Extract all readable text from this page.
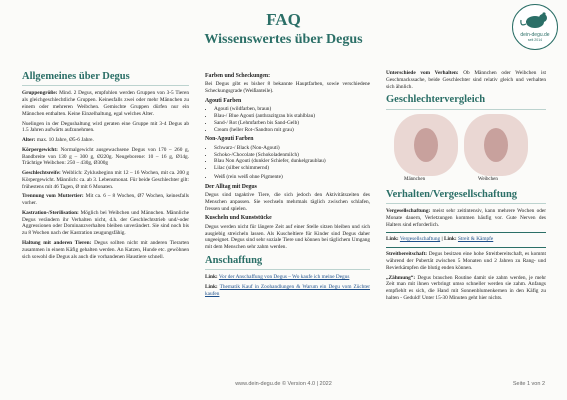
FAQ
Wissenswertes über Degus	dein-degu.de
seit 2014
Allgemeines über Degus

Gruppengröße: Mind. 2 Degus, empfohlen werden Gruppen von 3-5 Tieren als gleichgeschlechtliche Gruppen. Keinesfalls zwei oder mehr Männchen zu einem oder mehreren Weibchen. Gemischte Gruppen dürfen nur ein Männchen enthalten. Keine Einzelhaltung, egal welches Alter.

Nuelingen in der Degushaltung wird geraten eine Gruppe mit 3-4 Degus ab 1.5 Jahren aufwärts aufzunehmen.

Alter: max. 10 Jahre, Ø5-6 Jahre.

Körpergewicht: Normalgewicht ausgewachsene Degus von 170 – 260 g, Bandbreite von 130 g – 300 g, Ø220g. Neugeborene: 10 – 16 g, Ø14g. Trächtige Weibchen: 250 – 430g, Ø300g

Geschlechtsreife: Weiblich: Zyklusbeginn mit 12 – 16 Wochen, mit ca. 200 g Körpergewicht. Männlich: ca. ab 3. Lebensmonat. Für beide Geschlechter gilt: frühestens mit 46 Tagen, Ø mit 6 Monaten.

Trennung vom Muttertier: Mit ca. 6 – 8 Wochen, Ø7 Wochen, keinesfalls vorher.

Kastration-/Sterilisation: Möglich bei Weibchen und Männchen. Männliche Degus verändern ihr Verhalten nicht, d.h. der Geschlechtstrieb und/-oder Aggressionen oder Dominanzverhalten bleiben unverändert. Sie sind noch bis zu 8 Wochen nach der Kastration zeugungsfähig.

Haltung mit anderen Tieren: Degus sollten nicht mit anderen Tierarten zusammen in einem Käfig gehalten werden. An Katzen, Hunde etc. gewöhnen sich sowohl die Degus als auch die vorhandenen Haustiere schnell.

Farben und Scheckungen:

Bei Degus gibt es bisher 8 bekannte Hauptfarben, sowie verschiedene Scheckungsgrade (Weißanteile).

Agouti Farben
• Agouti (wildfarben, braun)
• Blau-/ Blue Agouti (anthrazitgrau bis stahlblau)
• Sand-/ Rot (Lehmfarben bis Sand-Gelb)
• Cream (heller Rot-/Sandton mit grau)
Non-Agouti Farben
• Schwarz-/ Black (Non-Agouti)
• Schoko-/Chocolate (Schokoladenmilch)
• Blau Non Agouti (dunkler Schiefer, dunkelgraublau)
• Lilac (silber schimmernd)
• Weiß (rein weiß ohne Pigmente)
Der Alltag mit Degus

Degus sind tagaktive Tiere, die sich jedoch den Aktivitätszeiten des Menschen anpassen. Sie wechseln mehrmals täglich zwischen schlafen, fressen und spielen.

Kuscheln und Kunststücke

Degus werden nicht für längere Zeit auf einer Stelle sitzen bleiben und sich ausgiebig streicheln lassen. Als Kuscheltiere für Kinder sind Degus daher ungeeignet. Degus sind sehr soziale Tiere und können bei täglichem Umgang mit dem Menschen sehr zahm werden.

Anschaffung

Link: Vor der Anschaffung von Degus – Wo kaufe ich meine Degus

Link: Thematik Kauf in Zoohandlungen & Warum ein Degu vom Züchter kaufen

Unterschiede vom Verhalten: Ob Männchen oder Weibchen ist Geschmackssache, beide Geschlechter sind relativ gleich und verhalten sich ähnlich.

Geschlechtervergleich
Männchen	Weibchen
Verhalten/Vergesellschaftung

Vergesellschaftung: meist sehr zeitintensiv, kann mehrere Wochen oder Monate dauern, Verletzungen kommen häufig vor. Gute Nerven des Halters sind erforderlich.

Link: Vergesellschaftung | Link: Streit & Kämpfe

Streitbereitschaft: Degus besitzen eine hohe Streitbereitschaft, es kommt während der Pubertät zwischen 5 Monaten und 2 Jahren zu Rang- und Revierkämpfen die blutig enden können.

„Zähmung“: Degus brauchen Routine damit sie zahm werden, je mehr Zeit man mit ihnen verbringt umso schneller werden sie zahm. Anfangs empfiehlt es sich, die Hand mit Sonnenblumenkernen in den Käfig zu halten - Geduld! Unter 15-30 Minuten geht hier nichts.

www.dein-degu.de © Version 4.0 | 2022	Seite 1 von 2
